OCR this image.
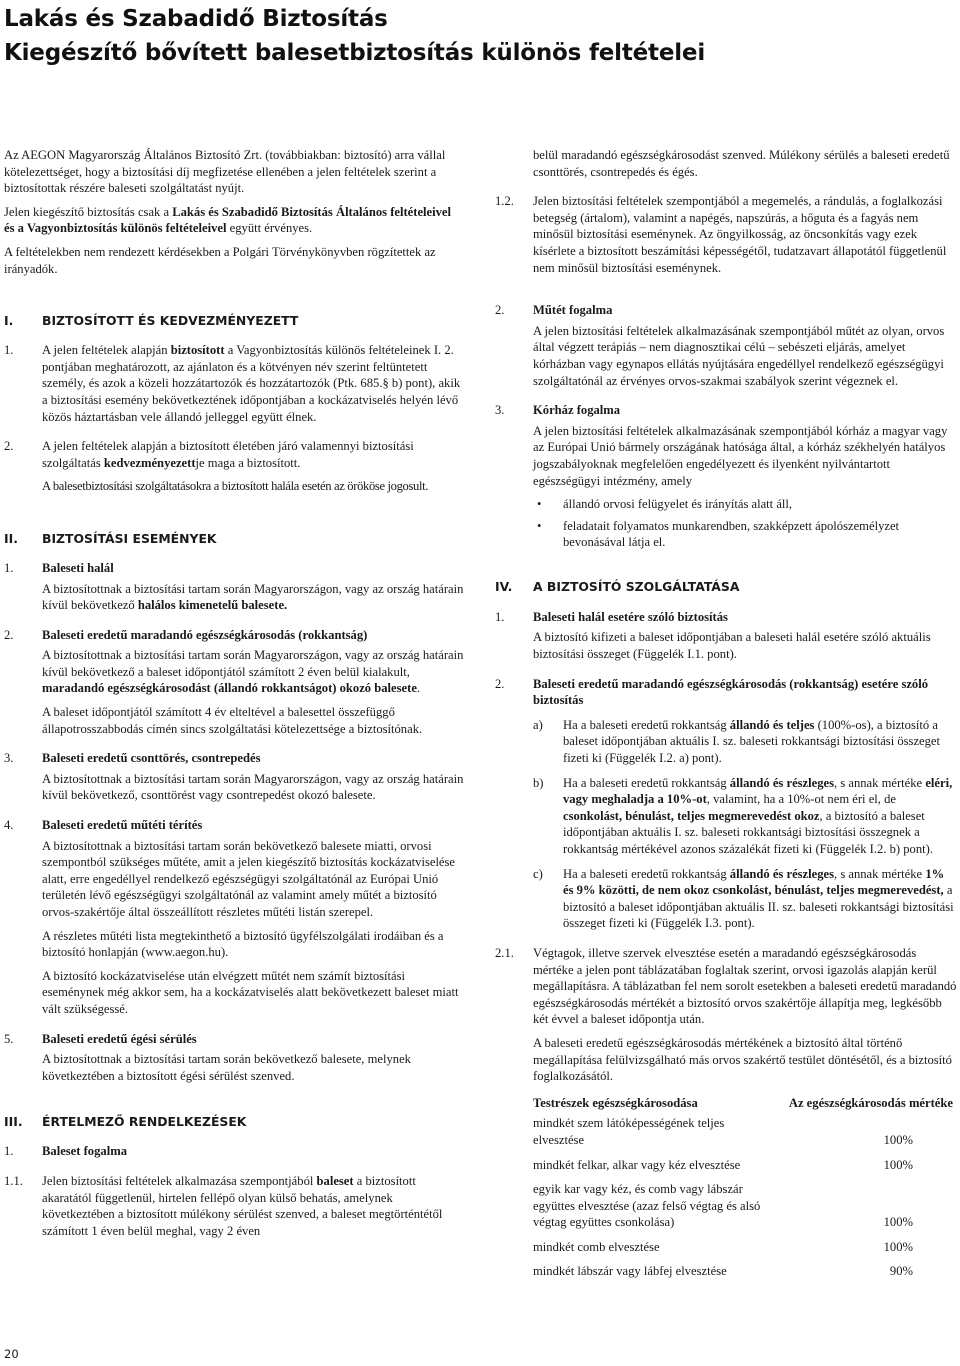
Lakás és Szabadidő Biztosítás
Kiegészítő bővített balesetbiztosítás különös feltételei

Az AEGON Magyarország Általános Biztosító Zrt. (továbbiakban: biztosító) arra vállal kötelezettséget, hogy a biztosítási díj megfizetése ellenében a jelen feltételek szerint a biztosítottak részére baleseti szolgáltatást nyújt.

Jelen kiegészítő biztosítás csak a Lakás és Szabadidő Biztosítás Általános feltételeivel és a Vagyonbiztosítás különös feltételeivel együtt érvényes.

A feltételekben nem rendezett kérdésekben a Polgári Törvénykönyvben rögzítettek az irányadók.

I.	BIZTOSÍTOTT ÉS KEDVEZMÉNYEZETT
1.	A jelen feltételek alapján biztosított a Vagyonbiztosítás különös feltételeinek I. 2. pontjában meghatározott, az ajánlaton és a kötvényen név szerint feltüntetett személy, és azok a közeli hozzátartozók és hozzátartozók (Ptk. 685.§ b) pont), akik a biztosítási esemény bekövetkeztének időpontjában a kockázatviselés helyén lévő közös háztartásban vele állandó jelleggel együtt élnek.
2.	A jelen feltételek alapján a biztosított életében járó valamennyi biztosítási szolgáltatás kedvezményezettje maga a biztosított.

A balesetbiztosítási szolgáltatásokra a biztosított halála esetén az örököse jogosult.

II.	BIZTOSÍTÁSI ESEMÉNYEK
1.	Baleseti halál

A biztosítottnak a biztosítási tartam során Magyarországon, vagy az ország határain kívül bekövetkező halálos kimenetelű balesete.

2.	Baleseti eredetű maradandó egészségkárosodás (rokkantság)

A biztosítottnak a biztosítási tartam során Magyarországon, vagy az ország határain kívül bekövetkező a baleset időpontjától számított 2 éven belül kialakult, maradandó egészségkárosodást (állandó rokkantságot) okozó balesete.

A baleset időpontjától számított 4 év elteltével a balesettel összefüggő állapotrosszabbodás címén sincs szolgáltatási kötelezettsége a biztosítónak.

3.	Baleseti eredetű csonttörés, csontrepedés

A biztosítottnak a biztosítási tartam során Magyarországon, vagy az ország határain kívül bekövetkező, csonttörést vagy csontrepedést okozó balesete.

4.	Baleseti eredetű műtéti térítés

A biztosítottnak a biztosítási tartam során bekövetkező balesete miatti, orvosi szempontból szükséges műtéte, amit a jelen kiegészítő biztosítás kockázatviselése alatt, erre engedéllyel rendelkező egészségügyi szolgáltatónál az Európai Unió területén lévő egészségügyi szolgáltatónál az valamint amely műtét a biztosító orvos-szakértője által összeállított részletes műtéti listán szerepel.

A részletes műtéti lista megtekinthető a biztosító ügyfélszolgálati irodáiban és a biztosító honlapján (www.aegon.hu).

A biztosító kockázatviselése után elvégzett műtét nem számít biztosítási eseménynek még akkor sem, ha a kockázatviselés alatt bekövetkezett baleset miatt vált szükségessé.

5.	Baleseti eredetű égési sérülés

A biztosítottnak a biztosítási tartam során bekövetkező balesete, melynek következtében a biztosított égési sérülést szenved.

III.	ÉRTELMEZŐ RENDELKEZÉSEK
1.	Baleset fogalma

1.1.	Jelen biztosítási feltételek alkalmazása szempontjából baleset a biztosított akaratától függetlenül, hirtelen fellépő olyan külső behatás, amelynek következtében a biztosított múlékony sérülést szenved, a baleset megtörténtétől számított 1 éven belül meghal, vagy 2 éven
belül maradandó egészségkárosodást szenved. Múlékony sérülés a baleseti eredetű csonttörés, csontrepedés és égés.
1.2.	Jelen biztosítási feltételek szempontjából a megemelés, a rándulás, a foglalkozási betegség (ártalom), valamint a napégés, napszúrás, a hőguta és a fagyás nem minősül biztosítási eseménynek. Az öngyilkosság, az öncsonkítás vagy ezek kísérlete a biztosított beszámítási képességétől, tudatzavart állapotától függetlenül nem minősül biztosítási eseménynek.
2.	Műtét fogalma

A jelen biztosítási feltételek alkalmazásának szempontjából műtét az olyan, orvos által végzett terápiás – nem diagnosztikai célú – sebészeti eljárás, amelyet kórházban vagy egynapos ellátás nyújtására engedéllyel rendelkező egészségügyi szolgáltatónál az érvényes orvos-szakmai szabályok szerint végeznek el.

3.	Kórház fogalma

A jelen biztosítási feltételek alkalmazásának szempontjából kórház a magyar vagy az Európai Unió bármely országának hatósága által, a kórház székhelyén hatályos jogszabályoknak megfelelően engedélyezett és ilyenként nyilvántartott egészségügyi intézmény, amely

•	állandó orvosi felügyelet és irányítás alatt áll,
•	feladatait folyamatos munkarendben, szakképzett ápolószemélyzet bevonásával látja el.
IV.	A BIZTOSÍTÓ SZOLGÁLTATÁSA
1.	Baleseti halál esetére szóló biztosítás

A biztosító kifizeti a baleset időpontjában a baleseti halál esetére szóló aktuális biztosítási összeget (Függelék I.1. pont).

2.	Baleseti eredetű maradandó egészségkárosodás (rokkantság) esetére szóló biztosítás

a)	Ha a baleseti eredetű rokkantság állandó és teljes (100%-os), a biztosító a baleset időpontjában aktuális I. sz. baleseti rokkantsági biztosítási összeget fizeti ki (Függelék I.2. a) pont).
b)	Ha a baleseti eredetű rokkantság állandó és részleges, s annak mértéke eléri, vagy meghaladja a 10%-ot, valamint, ha a 10%-ot nem éri el, de csonkolást, bénulást, teljes megmerevedést okoz, a biztosító a baleset időpontjában aktuális I. sz. baleseti rokkantsági biztosítási összegnek a rokkantság mértékével azonos százalékát fizeti ki (Függelék I.2. b) pont).
c)	Ha a baleseti eredetű rokkantság állandó és részleges, s annak mértéke 1% és 9% közötti, de nem okoz csonkolást, bénulást, teljes megmerevedést, a biztosító a baleset időpontjában aktuális II. sz. baleseti rokkantsági biztosítási összeget fizeti ki (Függelék I.3. pont).
2.1.	Végtagok, illetve szervek elvesztése esetén a maradandó egészségkárosodás mértéke a jelen pont táblázatában foglaltak szerint, orvosi igazolás alapján kerül megállapításra. A táblázatban fel nem sorolt esetekben a baleseti eredetű maradandó egészségkárosodás mértékét a biztosító orvos szakértője állapítja meg, legkésőbb két évvel a baleset időpontja után.

A baleseti eredetű egészségkárosodás mértékének a biztosító által történő megállapítása felülvizsgálható más orvos szakértő testület döntésétől, és a biztosító foglalkozásától.

Testrészek egészségkárosodása	Az egészségkárosodás mértéke
mindkét szem látóképességének teljes elvesztése	100%
mindkét felkar, alkar vagy kéz elvesztése	100%
egyik kar vagy kéz, és comb vagy lábszár együttes elvesztése (azaz felső végtag és alsó végtag együttes csonkolása)	100%
mindkét comb elvesztése	100%
mindkét lábszár vagy lábfej elvesztése	90%
20
